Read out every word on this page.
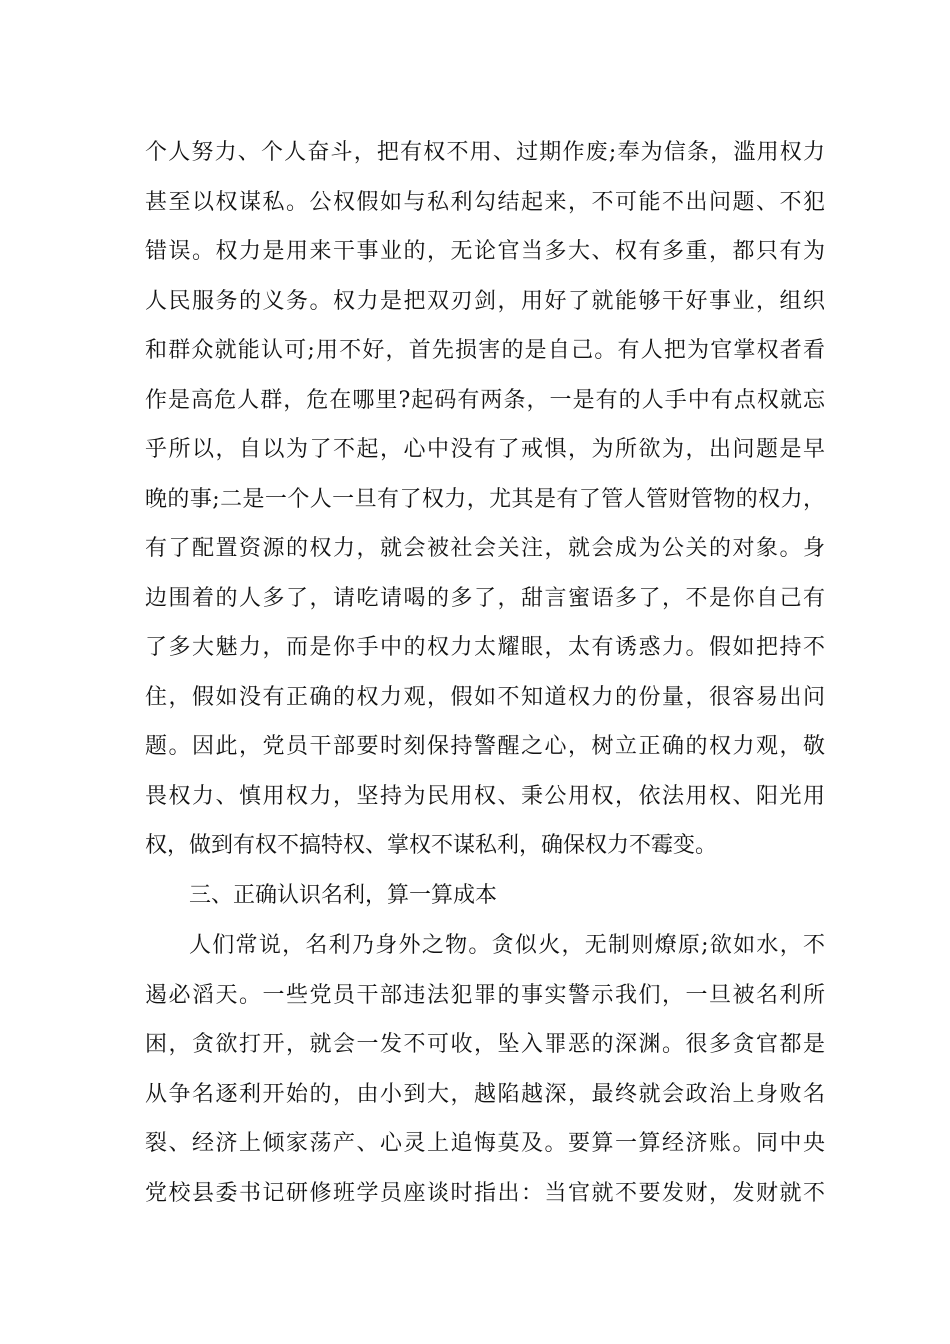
个人努力、个人奋斗，把有权不用、过期作废;奉为信条，滥用权力
甚至以权谋私。公权假如与私利勾结起来，不可能不出问题、不犯
错误。权力是用来干事业的，无论官当多大、权有多重，都只有为
人民服务的义务。权力是把双刃剑，用好了就能够干好事业，组织
和群众就能认可;用不好，首先损害的是自己。有人把为官掌权者看
作是高危人群，危在哪里?起码有两条，一是有的人手中有点权就忘
乎所以，自以为了不起，心中没有了戒惧，为所欲为，出问题是早
晚的事;二是一个人一旦有了权力，尤其是有了管人管财管物的权力，
有了配置资源的权力，就会被社会关注，就会成为公关的对象。身
边围着的人多了，请吃请喝的多了，甜言蜜语多了，不是你自己有
了多大魅力，而是你手中的权力太耀眼，太有诱惑力。假如把持不
住，假如没有正确的权力观，假如不知道权力的份量，很容易出问
题。因此，党员干部要时刻保持警醒之心，树立正确的权力观，敬
畏权力、慎用权力，坚持为民用权、秉公用权，依法用权、阳光用
权，做到有权不搞特权、掌权不谋私利，确保权力不霉变。
三、正确认识名利，算一算成本
人们常说，名利乃身外之物。贪似火，无制则燎原;欲如水，不
遏必滔天。一些党员干部违法犯罪的事实警示我们，一旦被名利所
困，贪欲打开，就会一发不可收，坠入罪恶的深渊。很多贪官都是
从争名逐利开始的，由小到大，越陷越深，最终就会政治上身败名
裂、经济上倾家荡产、心灵上追悔莫及。要算一算经济账。同中央
党校县委书记研修班学员座谈时指出：当官就不要发财，发财就不
